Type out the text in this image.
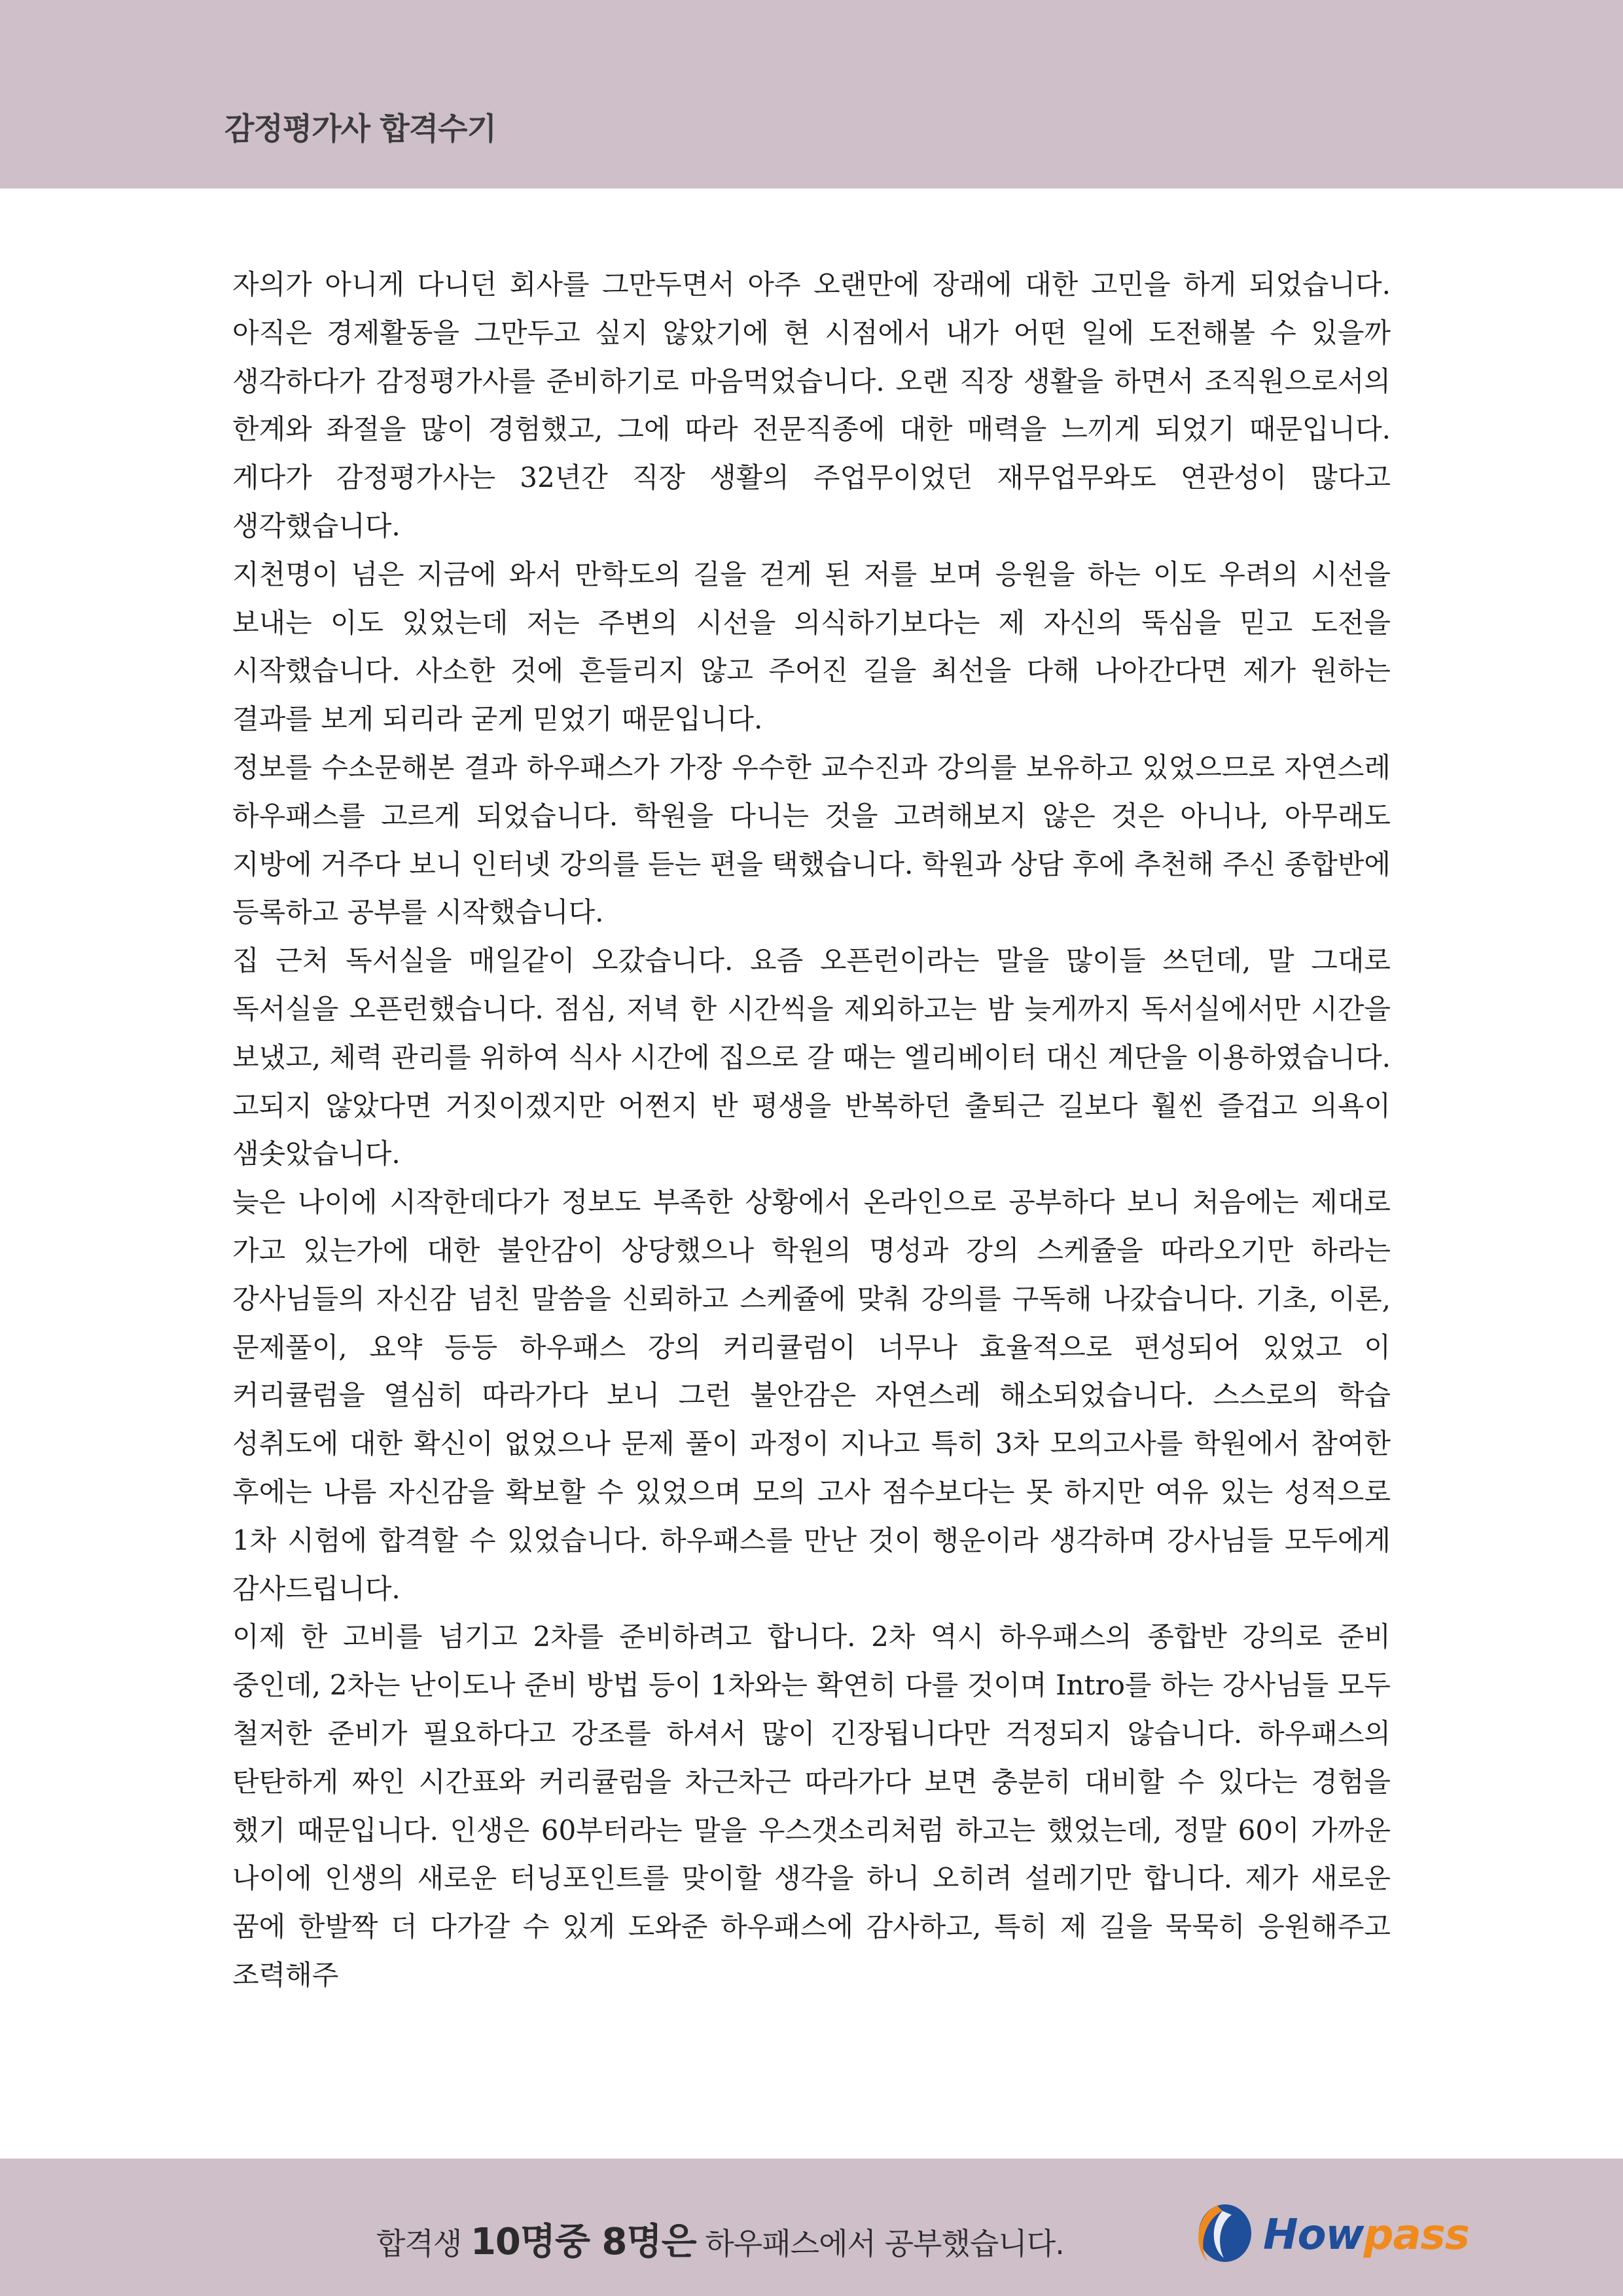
감정평가사 합격수기

자의가 아니게 다니던 회사를 그만두면서 아주 오랜만에 장래에 대한 고민을 하게 되었습니다. 아직은 경제활동을 그만두고 싶지 않았기에 현 시점에서 내가 어떤 일에 도전해볼 수 있을까 생각하다가 감정평가사를 준비하기로 마음먹었습니다. 오랜 직장 생활을 하면서 조직원으로서의 한계와 좌절을 많이 경험했고, 그에 따라 전문직종에 대한 매력을 느끼게 되었기 때문입니다. 게다가 감정평가사는 32년간 직장 생활의 주업무이었던 재무업무와도 연관성이 많다고 생각했습니다.

지천명이 넘은 지금에 와서 만학도의 길을 걷게 된 저를 보며 응원을 하는 이도 우려의 시선을 보내는 이도 있었는데 저는 주변의 시선을 의식하기보다는 제 자신의 뚝심을 믿고 도전을 시작했습니다. 사소한 것에 흔들리지 않고 주어진 길을 최선을 다해 나아간다면 제가 원하는 결과를 보게 되리라 굳게 믿었기 때문입니다.

정보를 수소문해본 결과 하우패스가 가장 우수한 교수진과 강의를 보유하고 있었으므로 자연스레 하우패스를 고르게 되었습니다. 학원을 다니는 것을 고려해보지 않은 것은 아니나, 아무래도 지방에 거주다 보니 인터넷 강의를 듣는 편을 택했습니다. 학원과 상담 후에 추천해 주신 종합반에 등록하고 공부를 시작했습니다.

집 근처 독서실을 매일같이 오갔습니다. 요즘 오픈런이라는 말을 많이들 쓰던데, 말 그대로 독서실을 오픈런했습니다. 점심, 저녁 한 시간씩을 제외하고는 밤 늦게까지 독서실에서만 시간을 보냈고, 체력 관리를 위하여 식사 시간에 집으로 갈 때는 엘리베이터 대신 계단을 이용하였습니다. 고되지 않았다면 거짓이겠지만 어쩐지 반 평생을 반복하던 출퇴근 길보다 훨씬 즐겁고 의욕이 샘솟았습니다.

늦은 나이에 시작한데다가 정보도 부족한 상황에서 온라인으로 공부하다 보니 처음에는 제대로 가고 있는가에 대한 불안감이 상당했으나 학원의 명성과 강의 스케쥴을 따라오기만 하라는 강사님들의 자신감 넘친 말씀을 신뢰하고 스케쥴에 맞춰 강의를 구독해 나갔습니다. 기초, 이론, 문제풀이, 요약 등등 하우패스 강의 커리큘럼이 너무나 효율적으로 편성되어 있었고 이 커리큘럼을 열심히 따라가다 보니 그런 불안감은 자연스레 해소되었습니다. 스스로의 학습 성취도에 대한 확신이 없었으나 문제 풀이 과정이 지나고 특히 3차 모의고사를 학원에서 참여한 후에는 나름 자신감을 확보할 수 있었으며 모의 고사 점수보다는 못 하지만 여유 있는 성적으로 1차 시험에 합격할 수 있었습니다. 하우패스를 만난 것이 행운이라 생각하며 강사님들 모두에게 감사드립니다.

이제 한 고비를 넘기고 2차를 준비하려고 합니다. 2차 역시 하우패스의 종합반 강의로 준비 중인데, 2차는 난이도나 준비 방법 등이 1차와는 확연히 다를 것이며 Intro를 하는 강사님들 모두 철저한 준비가 필요하다고 강조를 하셔서 많이 긴장됩니다만 걱정되지 않습니다. 하우패스의 탄탄하게 짜인 시간표와 커리큘럼을 차근차근 따라가다 보면 충분히 대비할 수 있다는 경험을 했기 때문입니다. 인생은 60부터라는 말을 우스갯소리처럼 하고는 했었는데, 정말 60이 가까운 나이에 인생의 새로운 터닝포인트를 맞이할 생각을 하니 오히려 설레기만 합니다. 제가 새로운 꿈에 한발짝 더 다가갈 수 있게 도와준 하우패스에 감사하고, 특히 제 길을 묵묵히 응원해주고 조력해주

합격생 10명중 8명은 하우패스에서 공부했습니다.	Howpass
